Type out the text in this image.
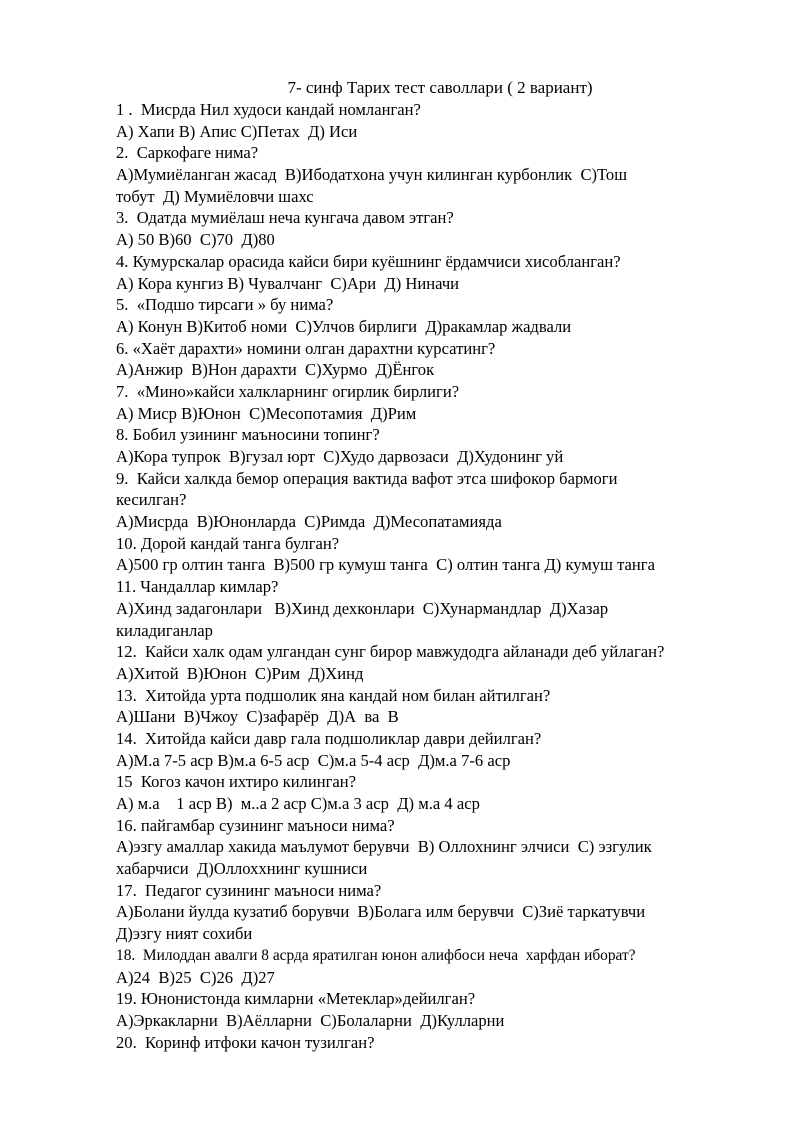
7- синф Тарих тест саволлари ( 2 вариант)
1 .  Мисрда Нил худоси кандай номланган?
А) Хапи В) Апис С)Петах  Д) Иси
2.  Саркофаге нима?
А)Мумиёланган жасад  В)Ибодатхона учун килинган курбонлик  С)Тош
тобут  Д) Мумиёловчи шахс
3.  Одатда мумиёлаш неча кунгача давом этган?
А) 50 В)60  С)70  Д)80
4. Кумурскалар орасида кайси бири куёшнинг ёрдамчиси хисобланган?
А) Кора кунгиз В) Чувалчанг  С)Ари  Д) Ниначи
5.  «Подшо тирсаги » бу нима?
А) Конун В)Китоб номи  С)Улчов бирлиги  Д)ракамлар жадвали
6. «Хаёт дарахти» номини олган дарахтни курсатинг?
А)Анжир  В)Нон дарахти  С)Хурмо  Д)Ёнгок
7.  «Мино»кайси халкларнинг огирлик бирлиги?
А) Миср В)Юнон  С)Месопотамия  Д)Рим
8. Бобил узининг маъносини топинг?
А)Кора тупрок  В)гузал юрт  С)Худо дарвозаси  Д)Худонинг уй
9.  Кайси халкда бемор операция вактида вафот этса шифокор бармоги
кесилган?
А)Мисрда  В)Юнонларда  С)Римда  Д)Месопатамияда
10. Дорой кандай танга булган?
А)500 гр олтин танга  В)500 гр кумуш танга  С) олтин танга Д) кумуш танга
11. Чандаллар кимлар?
А)Хинд задагонлари   В)Хинд дехконлари  С)Хунармандлар  Д)Хазар
киладиганлар
12.  Кайси халк одам улгандан сунг бирор мавжудодга айланади деб уйлаган?
А)Хитой  В)Юнон  С)Рим  Д)Хинд
13.  Хитойда урта подшолик яна кандай ном билан айтилган?
А)Шани  В)Чжоу  С)зафарёр  Д)А  ва  В
14.  Хитойда кайси давр гала подшоликлар даври дейилган?
А)М.а 7-5 аср В)м.а 6-5 аср  С)м.а 5-4 аср  Д)м.а 7-6 аср
15  Когоз качон ихтиро килинган?
А) м.а    1 аср В)  м..а 2 аср С)м.а 3 аср  Д) м.а 4 аср
16. пайгамбар сузининг маъноси нима?
А)эзгу амаллар хакида маълумот берувчи  В) Оллохнинг элчиси  С) эзгулик
хабарчиси  Д)Оллоххнинг кушниси
17.  Педагог сузининг маъноси нима?
А)Болани йулда кузатиб борувчи  В)Болага илм берувчи  С)Зиё таркатувчи
Д)эзгу ният сохиби
18.  Милоддан авалги 8 асрда яратилган юнон алифбоси неча  харфдан иборат?
А)24  В)25  С)26  Д)27
19. Юнонистонда кимларни «Метеклар»дейилган?
А)Эркакларни  В)Аёлларни  С)Болаларни  Д)Кулларни
20.  Коринф итфоки качон тузилган?
